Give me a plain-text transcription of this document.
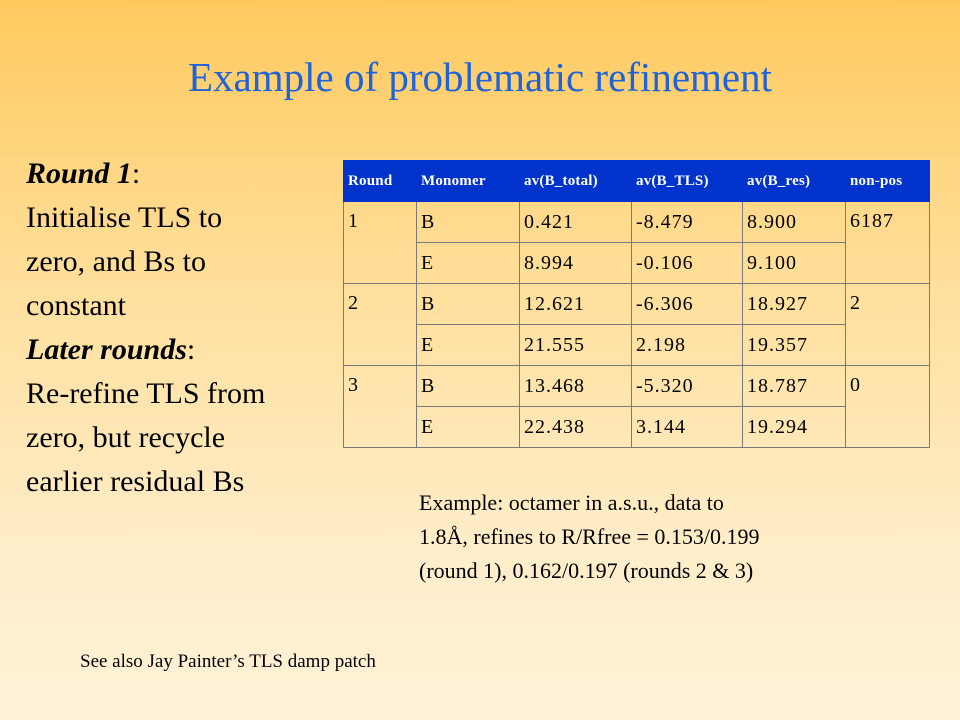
Example of problematic refinement
Round 1:
Initialise TLS to
zero, and Bs to
constant
Later rounds:
Re-refine TLS from
zero, but recycle
earlier residual Bs
Round	Monomer	av(B_total)	av(B_TLS)	av(B_res)	non-pos
1	B	0.421	-8.479	8.900	6187
	E	8.994	-0.106	9.100	
2	B	12.621	-6.306	18.927	2
	E	21.555	2.198	19.357	
3	B	13.468	-5.320	18.787	0
	E	22.438	3.144	19.294	
Example: octamer in a.s.u., data to
1.8Å, refines to R/Rfree = 0.153/0.199
(round 1), 0.162/0.197 (rounds 2 & 3)
See also Jay Painter’s TLS damp patch
